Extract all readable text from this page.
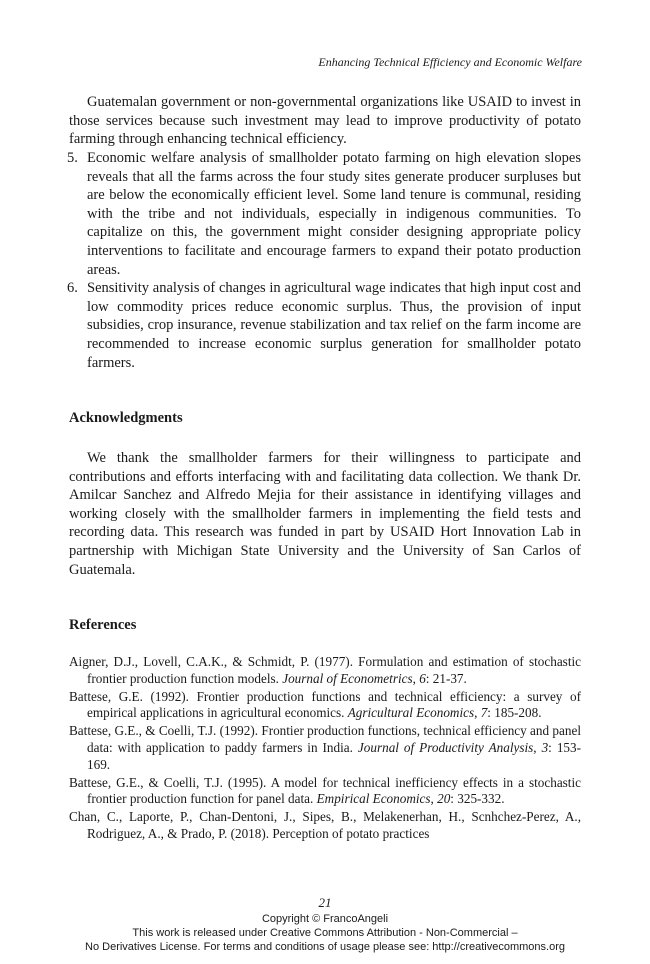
Enhancing Technical Efficiency and Economic Welfare

Guatemalan government or non-governmental organizations like USAID to invest in those services because such investment may lead to improve productivity of potato farming through enhancing technical efficiency.

5. Economic welfare analysis of smallholder potato farming on high elevation slopes reveals that all the farms across the four study sites generate producer surpluses but are below the economically efficient level. Some land tenure is communal, residing with the tribe and not individuals, especially in indigenous communities. To capitalize on this, the government might consider designing appropriate policy interventions to facilitate and encourage farmers to expand their potato production areas.
6. Sensitivity analysis of changes in agricultural wage indicates that high input cost and low commodity prices reduce economic surplus. Thus, the provision of input subsidies, crop insurance, revenue stabilization and tax relief on the farm income are recommended to increase economic surplus generation for smallholder potato farmers.
Acknowledgments

We thank the smallholder farmers for their willingness to participate and contributions and efforts interfacing with and facilitating data collection. We thank Dr. Amilcar Sanchez and Alfredo Mejia for their assistance in identifying villages and working closely with the smallholder farmers in implementing the field tests and recording data. This research was funded in part by USAID Hort Innovation Lab in partnership with Michigan State University and the University of San Carlos of Guatemala.

References

Aigner, D.J., Lovell, C.A.K., & Schmidt, P. (1977). Formulation and estimation of stochastic frontier production function models. Journal of Econometrics, 6: 21-37.

Battese, G.E. (1992). Frontier production functions and technical efficiency: a survey of empirical applications in agricultural economics. Agricultural Economics, 7: 185-208.

Battese, G.E., & Coelli, T.J. (1992). Frontier production functions, technical efficiency and panel data: with application to paddy farmers in India. Journal of Productivity Analysis, 3: 153-169.

Battese, G.E., & Coelli, T.J. (1995). A model for technical inefficiency effects in a stochastic frontier production function for panel data. Empirical Economics, 20: 325-332.

Chan, C., Laporte, P., Chan-Dentoni, J., Sipes, B., Melakenerhan, H., Scnhchez-Perez, A., Rodriguez, A., & Prado, P. (2018). Perception of potato practices

21
Copyright © FrancoAngeli
This work is released under Creative Commons Attribution - Non-Commercial –
No Derivatives License. For terms and conditions of usage please see: http://creativecommons.org
